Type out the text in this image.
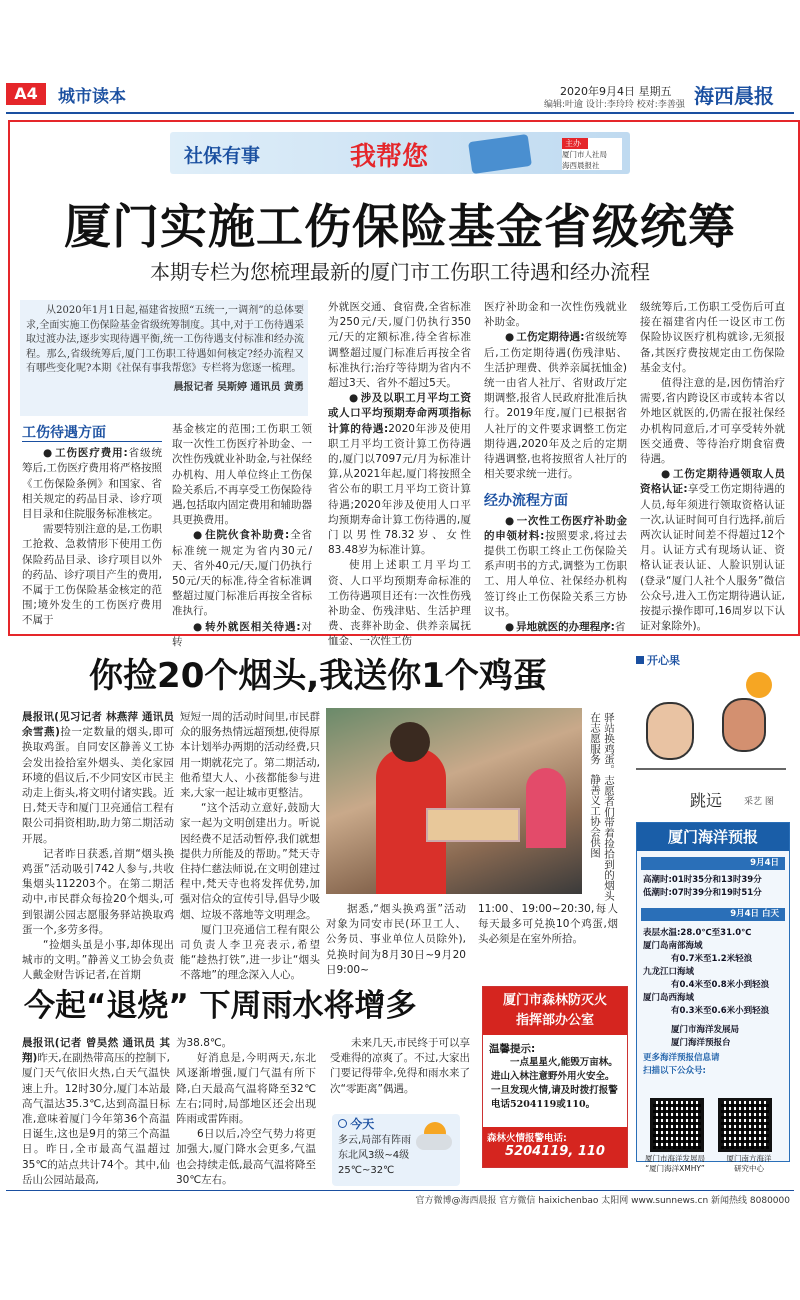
A4	城市读本	2020年9月4日 星期五
编辑:叶逾 设计:李玲玲 校对:李善强 海西晨报
社保有事	我帮您	主办
厦门市人社局
海西晨报社
厦门实施工伤保险基金省级统筹
本期专栏为您梳理最新的厦门市工伤职工待遇和经办流程

从2020年1月1日起,福建省按照“五统一,一调剂”的总体要求,全面实施工伤保险基金省级统筹制度。其中,对于工伤待遇采取过渡办法,逐步实现待遇平衡,统一工伤待遇支付标准和经办流程。那么,省级统筹后,厦门工伤职工待遇如何核定?经办流程又有哪些变化呢?本期《社保有事我帮您》专栏将为您逐一梳理。

晨报记者 吴斯婷 通讯员 黄勇
工伤待遇方面

● 工伤医疗费用:省级统筹后,工伤医疗费用将严格按照《工伤保险条例》和国家、省相关规定的药品目录、诊疗项目目录和住院服务标准核定。

需要特别注意的是,工伤职工抢救、急救情形下使用工伤保险药品目录、诊疗项目以外的药品、诊疗项目产生的费用,不属于工伤保险基金核定的范围;境外发生的工伤医疗费用不属于

基金核定的范围;工伤职工领取一次性工伤医疗补助金、一次性伤残就业补助金,与社保经办机构、用人单位终止工伤保险关系后,不再享受工伤保险待遇,包括取内固定费用和辅助器具更换费用。

● 住院伙食补助费:全省标准统一规定为省内30元/天、省外40元/天,厦门仍执行50元/天的标准,待全省标准调整超过厦门标准后再按全省标准执行。

● 转外就医相关待遇:对转

外就医交通、食宿费,全省标准为250元/天,厦门仍执行350元/天的定额标准,待全省标准调整超过厦门标准后再按全省标准执行;治疗等待期为省内不超过3天、省外不超过5天。

● 涉及以职工月平均工资或人口平均预期寿命两项指标计算的待遇:2020年涉及使用职工月平均工资计算工伤待遇的,厦门以7097元/月为标准计算,从2021年起,厦门将按照全省公布的职工月平均工资计算待遇;2020年涉及使用人口平均预期寿命计算工伤待遇的,厦门以男性78.32岁、女性83.48岁为标准计算。

使用上述职工月平均工资、人口平均预期寿命标准的工伤待遇项目还有:一次性伤残补助金、伤残津贴、生活护理费、丧葬补助金、供养亲属抚恤金、一次性工伤

医疗补助金和一次性伤残就业补助金。

● 工伤定期待遇:省级统筹后,工伤定期待遇(伤残津贴、生活护理费、供养亲属抚恤金)统一由省人社厅、省财政厅定期调整,报省人民政府批准后执行。2019年度,厦门已根据省人社厅的文件要求调整工伤定期待遇,2020年及之后的定期待遇调整,也将按照省人社厅的相关要求统一进行。

经办流程方面

● 一次性工伤医疗补助金的申领材料:按照要求,将过去提供工伤职工终止工伤保险关系声明书的方式,调整为工伤职工、用人单位、社保经办机构签订终止工伤保险关系三方协议书。

● 异地就医的办理程序:省

级统筹后,工伤职工受伤后可直接在福建省内任一设区市工伤保险协议医疗机构就诊,无须报备,其医疗费按规定由工伤保险基金支付。

值得注意的是,因伤情治疗需要,省内跨设区市或转本省以外地区就医的,仍需在报社保经办机构同意后,才可享受转外就医交通费、等待治疗期食宿费待遇。

● 工伤定期待遇领取人员资格认证:享受工伤定期待遇的人员,每年须进行领取资格认证一次,认证时间可自行选择,前后两次认证时间差不得超过12个月。认证方式有现场认证、资格认证表认证、人脸识别认证(登录“厦门人社个人服务”微信公众号,进入工伤定期待遇认证,按提示操作即可,16周岁以下认证对象除外)。

你捡20个烟头,我送你1个鸡蛋

晨报讯(见习记者 林燕萍 通讯员 余雪燕)捡一定数量的烟头,即可换取鸡蛋。自同安区静善义工协会发出捡拾室外烟头、美化家园环境的倡议后,不少同安区市民主动走上街头,将文明付诸实践。近日,梵天寺和厦门卫亮通信工程有限公司捐资相助,助力第二期活动开展。

记者昨日获悉,首期“烟头换鸡蛋”活动吸引742人参与,共收集烟头112203个。在第二期活动中,市民群众每捡20个烟头,可到银湖公园志愿服务驿站换取鸡蛋一个,多劳多得。

“捡烟头虽是小事,却体现出城市的文明。”静善义工协会负责人戴金财告诉记者,在首期

短短一周的活动时间里,市民群众的服务热情远超预想,使得原本计划举办两期的活动经费,只用一期就花完了。第二期活动,他希望大人、小孩都能参与进来,大家一起让城市更整洁。

“这个活动立意好,鼓励大家一起为文明创建出力。听说因经费不足活动暂停,我们就想提供力所能及的帮助。”梵天寺住持仁慈法师说,在文明创建过程中,梵天寺也将发挥优势,加强对信众的宣传引导,倡导少吸烟、垃圾不落地等文明理念。

厦门卫亮通信工程有限公司负责人李卫亮表示,希望能“趁热打铁”,进一步让“烟头不落地”的理念深入人心。

驿站换鸡蛋。志愿者们带着捡拾到的烟头在志愿服务 静善义工协会供图

据悉,“烟头换鸡蛋”活动对象为同安市民(环卫工人、公务员、事业单位人员除外),兑换时间为8月30日~9月20日9:00~

11:00、19:00~20:30,每人每天最多可兑换10个鸡蛋,烟头必须是在室外所拾。

开心果
跳远 采艺 图
厦门海洋预报
9月4日
高潮时:01时35分和13时39分
低潮时:07时39分和19时51分
9月4日 白天
表层水温:28.0℃至31.0℃
厦门岛南部海域
有0.7米至1.2米轻浪
九龙江口海域
有0.4米至0.8米小到轻浪
厦门岛西海域
有0.3米至0.6米小到轻浪
厦门市海洋发展局
厦门海洋预报台
更多海洋预报信息请
扫描以下公众号:
厦门市海洋发展局
“厦门海洋XMHY”
厦门南方海洋
研究中心
今起“退烧” 下周雨水将增多

晨报讯(记者 曾昊然 通讯员 其翔)昨天,在副热带高压的控制下,厦门天气依旧火热,白天气温快速上升。12时30分,厦门本站最高气温达35.3℃,达到高温日标准,意味着厦门今年第36个高温日诞生,这也是9月的第三个高温日。昨日,全市最高气温超过35℃的站点共计74个。其中,仙岳山公园站最高,

为38.8℃。

好消息是,今明两天,东北风逐渐增强,厦门气温有所下降,白天最高气温将降至32℃左右;同时,局部地区还会出现阵雨或雷阵雨。

6日以后,冷空气势力将更加强大,厦门降水会更多,气温也会持续走低,最高气温将降至30℃左右。

未来几天,市民终于可以享受难得的凉爽了。不过,大家出门要记得带伞,免得和雨水来了次“零距离”偶遇。

今天
多云,局部有阵雨
东北风3级~4级
25℃~32℃
厦门市森林防灭火
指挥部办公室
温馨提示:
一点星星火,能毁万亩林。进山入林注意野外用火安全。一旦发现火情,请及时拨打报警电话5204119或110。
森林火情报警电话:
5204119, 110
官方微博@海西晨报 官方微信 haixichenbao 太阳网 www.sunnews.cn 新闻热线 8080000
